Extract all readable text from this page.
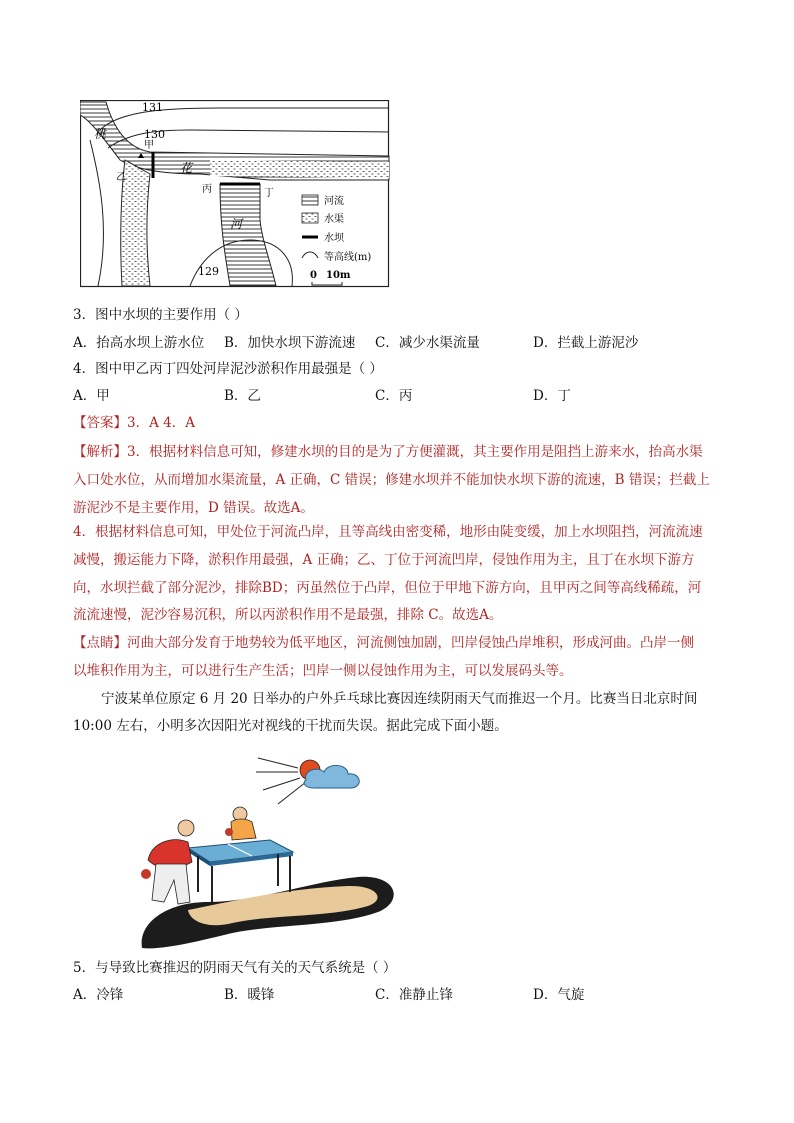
131
130
129
桃
花
河
甲
乙
丙	丁
河流
水渠
水坝
等高线(m)
0 10m
3．图中水坝的主要作用（ ）
A．抬高水坝上游水位 B．加快水坝下游流速 C．减少水渠流量	D．拦截上游泥沙
4．图中甲乙丙丁四处河岸泥沙淤积作用最强是（ ）
A．甲	B．乙	C．丙	D．丁
【答案】3．A 4．A
【解析】3．根据材料信息可知，修建水坝的目的是为了方便灌溉，其主要作用是阻挡上游来水，抬高水渠
入口处水位，从而增加水渠流量，A 正确，C 错误；修建水坝并不能加快水坝下游的流速，B 错误；拦截上
游泥沙不是主要作用，D 错误。故选A。
4．根据材料信息可知，甲处位于河流凸岸，且等高线由密变稀，地形由陡变缓，加上水坝阻挡，河流流速
减慢，搬运能力下降，淤积作用最强，A 正确；乙、丁位于河流凹岸，侵蚀作用为主，且丁在水坝下游方
向，水坝拦截了部分泥沙，排除BD；丙虽然位于凸岸，但位于甲地下游方向，且甲丙之间等高线稀疏，河
流流速慢，泥沙容易沉积，所以丙淤积作用不是最强，排除 C。故选A。
【点睛】河曲大部分发育于地势较为低平地区，河流侧蚀加剧，凹岸侵蚀凸岸堆积，形成河曲。凸岸一侧
以堆积作用为主，可以进行生产生活；凹岸一侧以侵蚀作用为主，可以发展码头等。
宁波某单位原定 6 月 20 日举办的户外乒乓球比赛因连续阴雨天气而推迟一个月。比赛当日北京时间
10:00 左右，小明多次因阳光对视线的干扰而失误。据此完成下面小题。
5．与导致比赛推迟的阴雨天气有关的天气系统是（ ）
A．冷锋	B．暖锋	C．准静止锋	D．气旋
